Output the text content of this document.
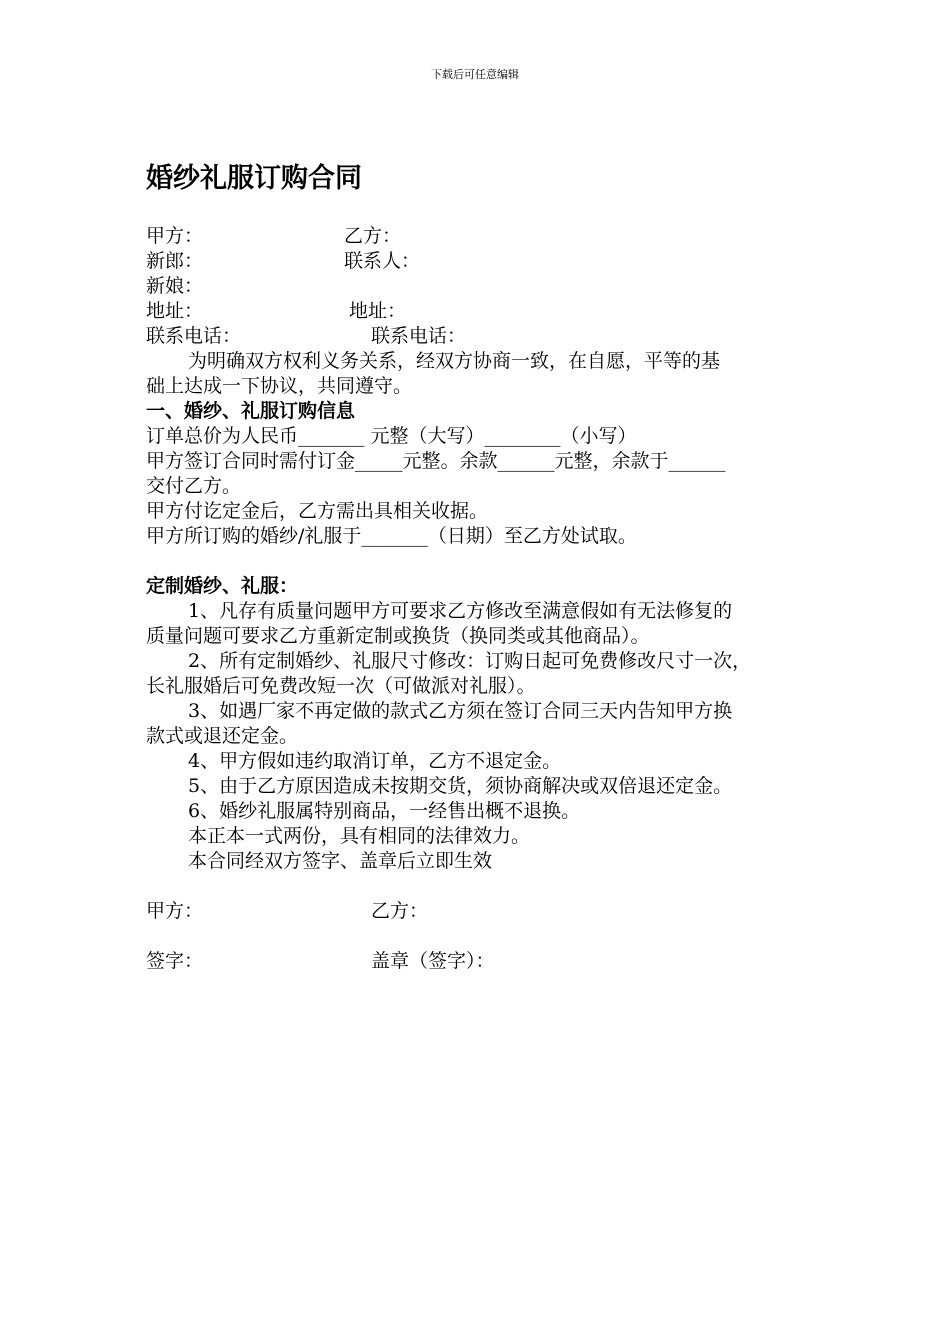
下载后可任意编辑
婚纱礼服订购合同
甲方：	乙方：
新郎：	联系人：
新娘：
地址：	地址：
联系电话：	联系电话：
为明确双方权利义务关系，经双方协商一致，在自愿，平等的基
础上达成一下协议，共同遵守。
一、婚纱、礼服订购信息
订单总价为人民币_______ 元整（大写）________（小写）
甲方签订合同时需付订金_____元整。余款______元整，余款于______
交付乙方。
甲方付讫定金后，乙方需出具相关收据。
甲方所订购的婚纱/礼服于_______（日期）至乙方处试取。
定制婚纱、礼服：
1、凡存有质量问题甲方可要求乙方修改至满意假如有无法修复的
质量问题可要求乙方重新定制或换货（换同类或其他商品）。
2、所有定制婚纱、礼服尺寸修改：订购日起可免费修改尺寸一次，
长礼服婚后可免费改短一次（可做派对礼服）。
3、如遇厂家不再定做的款式乙方须在签订合同三天内告知甲方换
款式或退还定金。
4、甲方假如违约取消订单，乙方不退定金。
5、由于乙方原因造成未按期交货，须协商解决或双倍退还定金。
6、婚纱礼服属特别商品，一经售出概不退换。
本正本一式两份，具有相同的法律效力。
本合同经双方签字、盖章后立即生效
甲方：	乙方：
签字：	盖章（签字）：
